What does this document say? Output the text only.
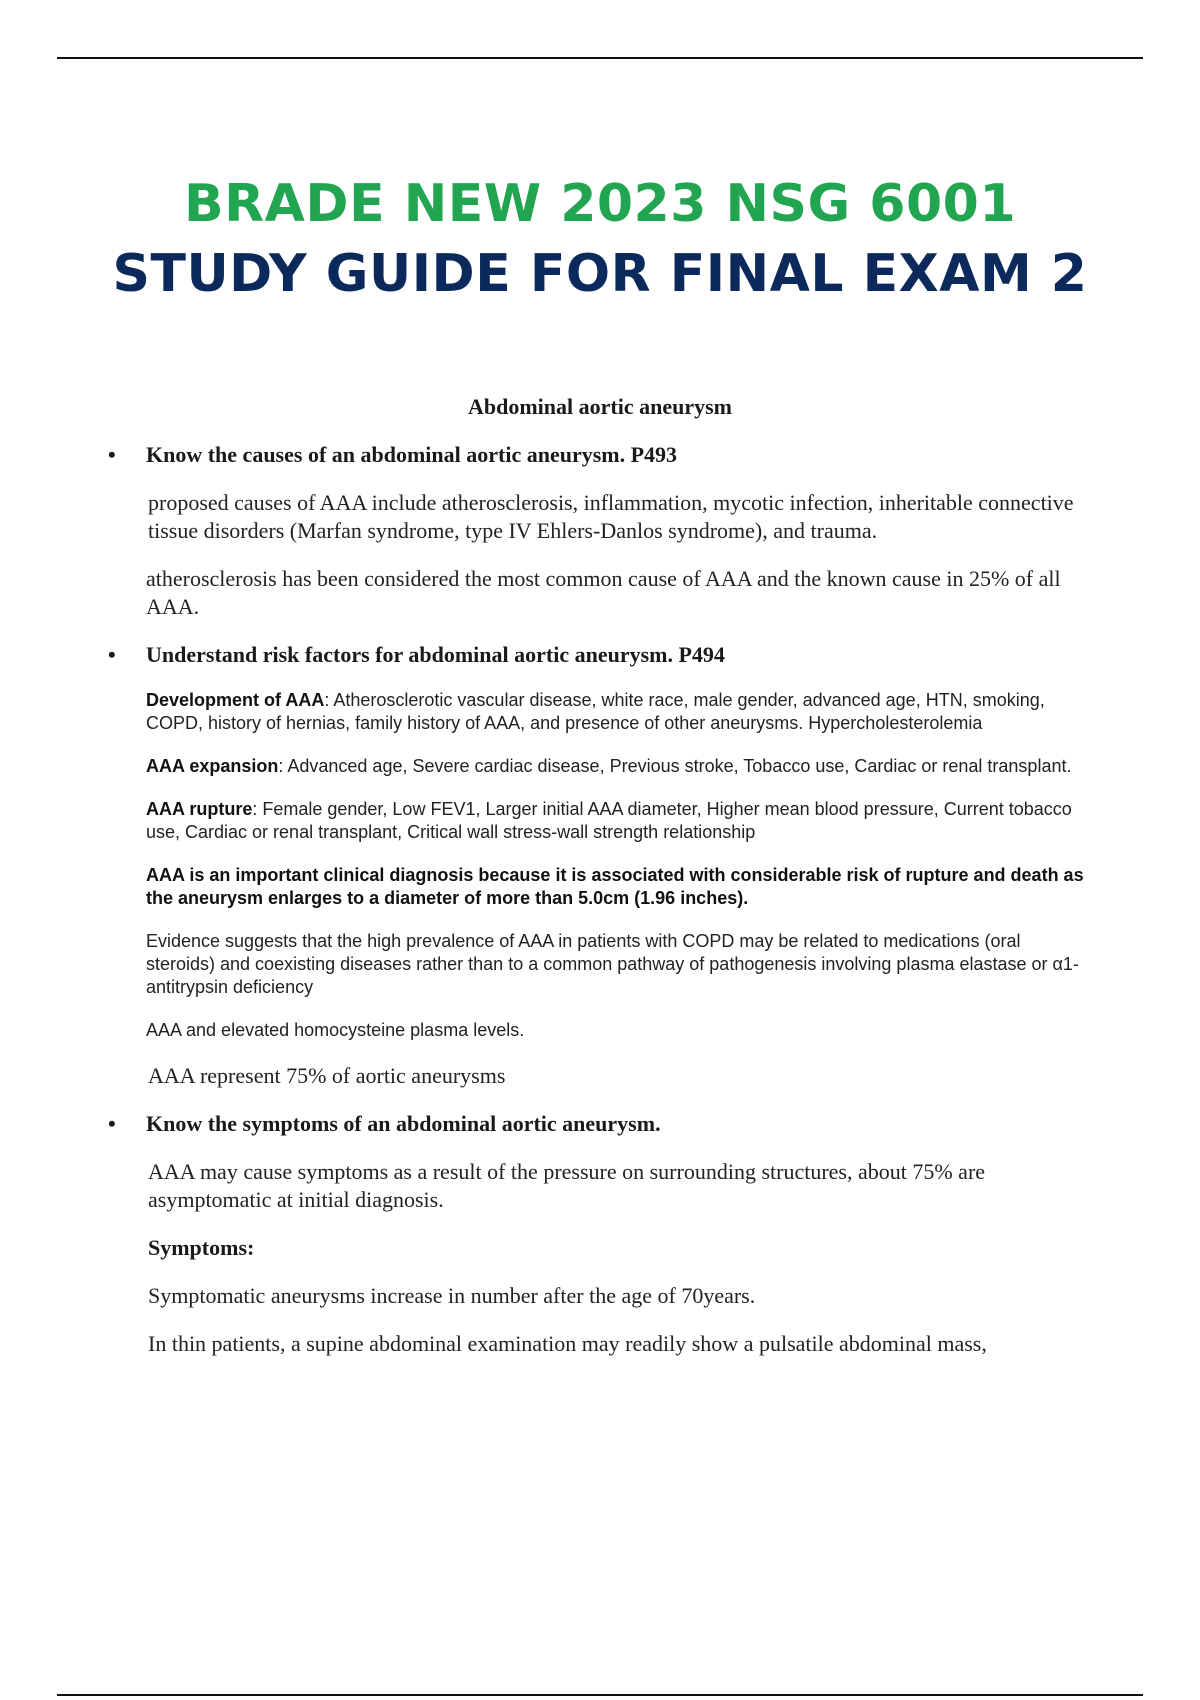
BRADE NEW 2023 NSG 6001
STUDY GUIDE FOR FINAL EXAM 2
Abdominal aortic aneurysm
• Know the causes of an abdominal aortic aneurysm. P493

proposed causes of AAA include atherosclerosis, inflammation, mycotic infection, inheritable connective tissue disorders (Marfan syndrome, type IV Ehlers-Danlos syndrome), and trauma.

atherosclerosis has been considered the most common cause of AAA and the known cause in 25% of all AAA.

• Understand risk factors for abdominal aortic aneurysm. P494

Development of AAA: Atherosclerotic vascular disease, white race, male gender, advanced age, HTN, smoking, COPD, history of hernias, family history of AAA, and presence of other aneurysms. Hypercholesterolemia

AAA expansion: Advanced age, Severe cardiac disease, Previous stroke, Tobacco use, Cardiac or renal transplant.

AAA rupture: Female gender, Low FEV1, Larger initial AAA diameter, Higher mean blood pressure, Current tobacco use, Cardiac or renal transplant, Critical wall stress-wall strength relationship

AAA is an important clinical diagnosis because it is associated with considerable risk of rupture and death as the aneurysm enlarges to a diameter of more than 5.0cm (1.96 inches).

Evidence suggests that the high prevalence of AAA in patients with COPD may be related to medications (oral steroids) and coexisting diseases rather than to a common pathway of pathogenesis involving plasma elastase or α1-antitrypsin deficiency

AAA and elevated homocysteine plasma levels.

AAA represent 75% of aortic aneurysms

• Know the symptoms of an abdominal aortic aneurysm.

AAA may cause symptoms as a result of the pressure on surrounding structures, about 75% are asymptomatic at initial diagnosis.

Symptoms:

Symptomatic aneurysms increase in number after the age of 70years.

In thin patients, a supine abdominal examination may readily show a pulsatile abdominal mass,
